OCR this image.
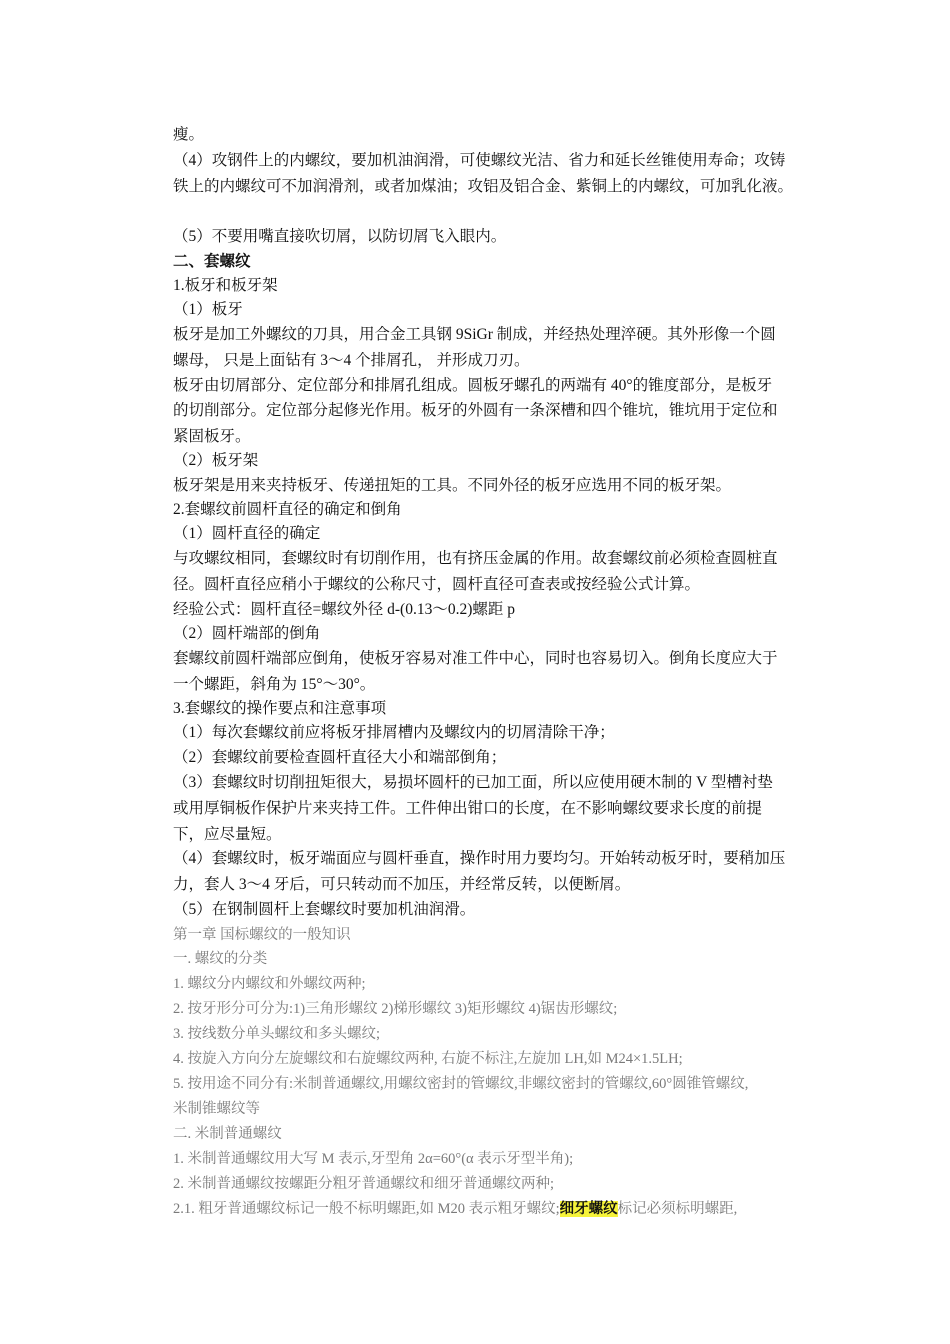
瘦。
（4）攻钢件上的内螺纹，要加机油润滑，可使螺纹光洁、省力和延长丝锥使用寿命；攻铸
铁上的内螺纹可不加润滑剂，或者加煤油；攻铝及铝合金、紫铜上的内螺纹，可加乳化液。
（5）不要用嘴直接吹切屑，以防切屑飞入眼内。
二、套螺纹
1.板牙和板牙架
（1）板牙
板牙是加工外螺纹的刀具，用合金工具钢 9SiGr 制成，并经热处理淬硬。其外形像一个圆
螺母， 只是上面钻有 3～4 个排屑孔， 并形成刀刃。
板牙由切屑部分、定位部分和排屑孔组成。圆板牙螺孔的两端有 40°的锥度部分，是板牙
的切削部分。定位部分起修光作用。板牙的外圆有一条深槽和四个锥坑，锥坑用于定位和
紧固板牙。
（2）板牙架
板牙架是用来夹持板牙、传递扭矩的工具。不同外径的板牙应选用不同的板牙架。
2.套螺纹前圆杆直径的确定和倒角
（1）圆杆直径的确定
与攻螺纹相同，套螺纹时有切削作用，也有挤压金属的作用。故套螺纹前必须检查圆桩直
径。圆杆直径应稍小于螺纹的公称尺寸，圆杆直径可查表或按经验公式计算。
经验公式：圆杆直径=螺纹外径 d-(0.13～0.2)螺距 p
（2）圆杆端部的倒角
套螺纹前圆杆端部应倒角，使板牙容易对准工件中心，同时也容易切入。倒角长度应大于
一个螺距，斜角为 15°～30°。
3.套螺纹的操作要点和注意事项
（1）每次套螺纹前应将板牙排屑槽内及螺纹内的切屑清除干净；
（2）套螺纹前要检查圆杆直径大小和端部倒角；
（3）套螺纹时切削扭矩很大，易损坏圆杆的已加工面，所以应使用硬木制的 V 型槽衬垫
或用厚铜板作保护片来夹持工件。工件伸出钳口的长度，在不影响螺纹要求长度的前提
下，应尽量短。
（4）套螺纹时，板牙端面应与圆杆垂直，操作时用力要均匀。开始转动板牙时，要稍加压
力，套人 3～4 牙后，可只转动而不加压，并经常反转，以便断屑。
（5）在钢制圆杆上套螺纹时要加机油润滑。
第一章 国标螺纹的一般知识
一. 螺纹的分类
1. 螺纹分内螺纹和外螺纹两种;
2. 按牙形分可分为:1)三角形螺纹 2)梯形螺纹 3)矩形螺纹 4)锯齿形螺纹;
3. 按线数分单头螺纹和多头螺纹;
4. 按旋入方向分左旋螺纹和右旋螺纹两种, 右旋不标注,左旋加 LH,如 M24×1.5LH;
5. 按用途不同分有:米制普通螺纹,用螺纹密封的管螺纹,非螺纹密封的管螺纹,60°圆锥管螺纹,
米制锥螺纹等
二. 米制普通螺纹
1. 米制普通螺纹用大写 M 表示,牙型角 2α=60°(α 表示牙型半角);
2. 米制普通螺纹按螺距分粗牙普通螺纹和细牙普通螺纹两种;
2.1. 粗牙普通螺纹标记一般不标明螺距,如 M20 表示粗牙螺纹;细牙螺纹标记必须标明螺距,
